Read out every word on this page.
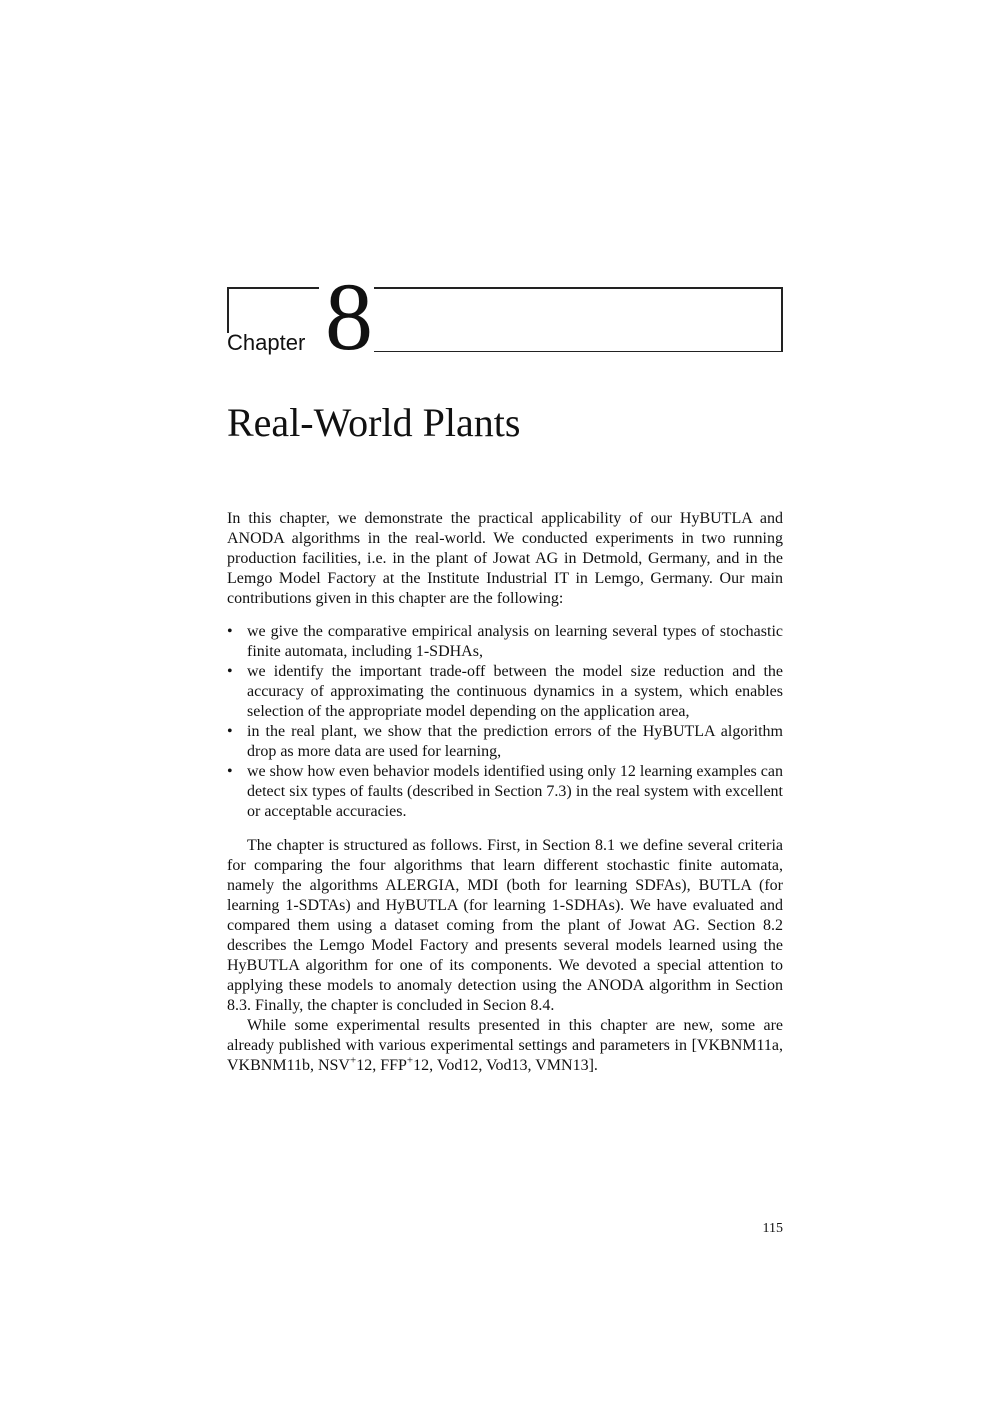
Chapter 8
Real-World Plants

In this chapter, we demonstrate the practical applicability of our HyBUTLA and ANODA algorithms in the real-world. We conducted experiments in two running production facilities, i.e. in the plant of Jowat AG in Detmold, Germany, and in the Lemgo Model Factory at the Institute Industrial IT in Lemgo, Germany. Our main contributions given in this chapter are the following:

• we give the comparative empirical analysis on learning several types of stochastic finite automata, including 1-SDHAs,
• we identify the important trade-off between the model size reduction and the accuracy of approximating the continuous dynamics in a system, which enables selection of the appropriate model depending on the application area,
• in the real plant, we show that the prediction errors of the HyBUTLA algorithm drop as more data are used for learning,
• we show how even behavior models identified using only 12 learning examples can detect six types of faults (described in Section 7.3) in the real system with excellent or acceptable accuracies.

The chapter is structured as follows. First, in Section 8.1 we define several criteria for comparing the four algorithms that learn different stochastic finite automata, namely the algorithms ALERGIA, MDI (both for learning SDFAs), BUTLA (for learning 1-SDTAs) and HyBUTLA (for learning 1-SDHAs). We have evaluated and compared them using a dataset coming from the plant of Jowat AG. Section 8.2 describes the Lemgo Model Factory and presents several models learned using the HyBUTLA algorithm for one of its components. We devoted a special attention to applying these models to anomaly detection using the ANODA algorithm in Section 8.3. Finally, the chapter is concluded in Secion 8.4.

While some experimental results presented in this chapter are new, some are already published with various experimental settings and parameters in [VKBNM11a, VKBNM11b, NSV+12, FFP+12, Vod12, Vod13, VMN13].

115
